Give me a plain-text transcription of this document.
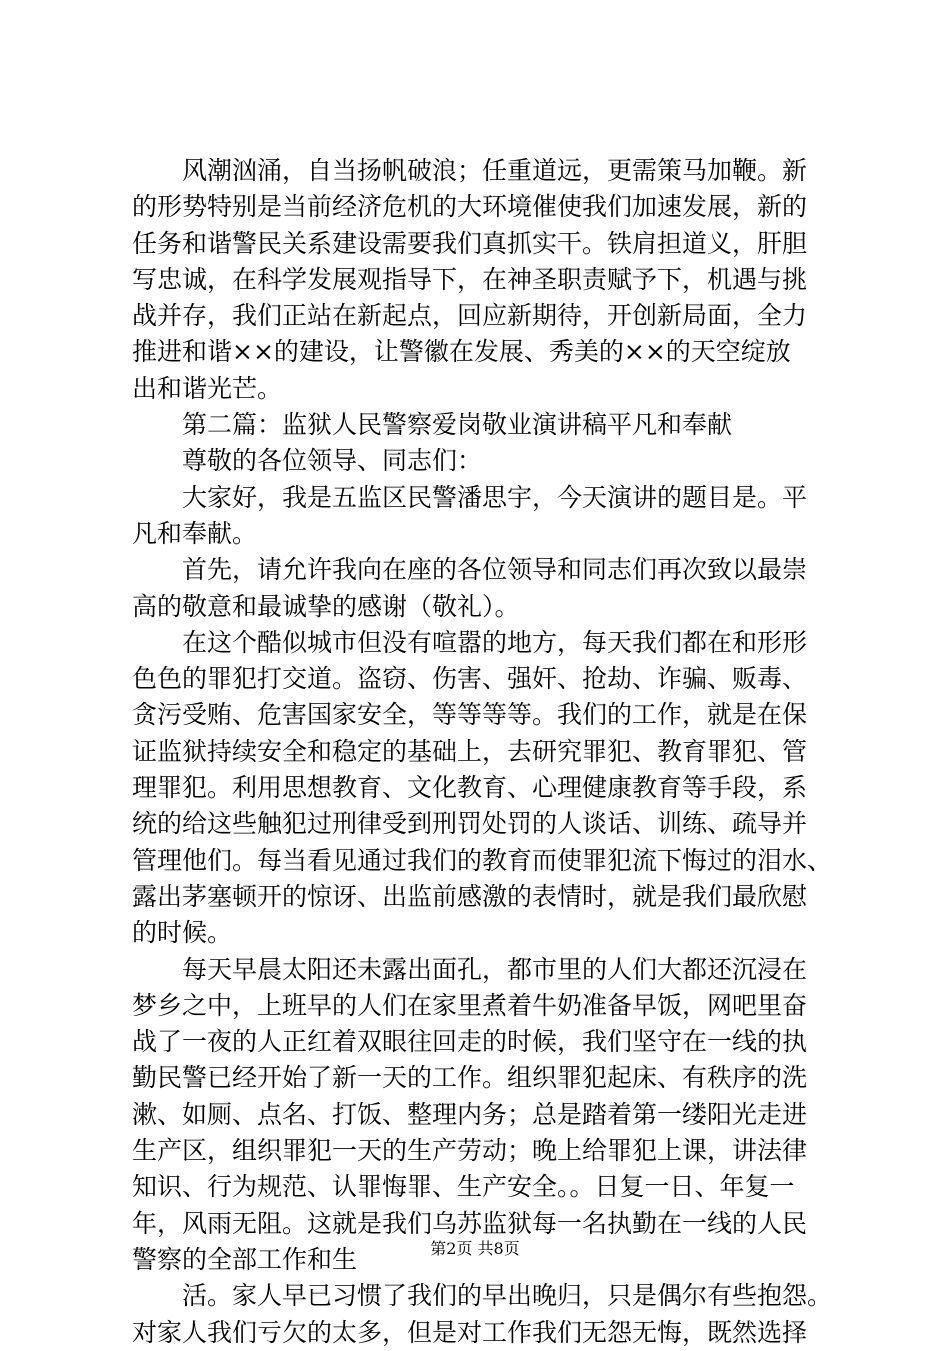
风潮汹涌，自当扬帆破浪；任重道远，更需策马加鞭。新
的形势特别是当前经济危机的大环境催使我们加速发展，新的
任务和谐警民关系建设需要我们真抓实干。铁肩担道义，肝胆
写忠诚，在科学发展观指导下，在神圣职责赋予下，机遇与挑
战并存，我们正站在新起点，回应新期待，开创新局面，全力
推进和谐××的建设，让警徽在发展、秀美的××的天空绽放
出和谐光芒。
第二篇：监狱人民警察爱岗敬业演讲稿平凡和奉献
尊敬的各位领导、同志们：
大家好，我是五监区民警潘思宇，今天演讲的题目是。平
凡和奉献。
首先，请允许我向在座的各位领导和同志们再次致以最崇
高的敬意和最诚挚的感谢（敬礼）。
在这个酷似城市但没有喧嚣的地方，每天我们都在和形形
色色的罪犯打交道。盗窃、伤害、强奸、抢劫、诈骗、贩毒、
贪污受贿、危害国家安全，等等等等。我们的工作，就是在保
证监狱持续安全和稳定的基础上，去研究罪犯、教育罪犯、管
理罪犯。利用思想教育、文化教育、心理健康教育等手段，系
统的给这些触犯过刑律受到刑罚处罚的人谈话、训练、疏导并
管理他们。每当看见通过我们的教育而使罪犯流下悔过的泪水、
露出茅塞顿开的惊讶、出监前感激的表情时，就是我们最欣慰
的时候。
每天早晨太阳还未露出面孔，都市里的人们大都还沉浸在
梦乡之中，上班早的人们在家里煮着牛奶准备早饭，网吧里奋
战了一夜的人正红着双眼往回走的时候，我们坚守在一线的执
勤民警已经开始了新一天的工作。组织罪犯起床、有秩序的洗
漱、如厕、点名、打饭、整理内务；总是踏着第一缕阳光走进
生产区，组织罪犯一天的生产劳动；晚上给罪犯上课，讲法律
知识、行为规范、认罪悔罪、生产安全。。日复一日、年复一
年，风雨无阻。这就是我们乌苏监狱每一名执勤在一线的人民
警察的全部工作和生
活。家人早已习惯了我们的早出晚归，只是偶尔有些抱怨。
对家人我们亏欠的太多，但是对工作我们无怨无悔，既然选择
第2页 共8页
